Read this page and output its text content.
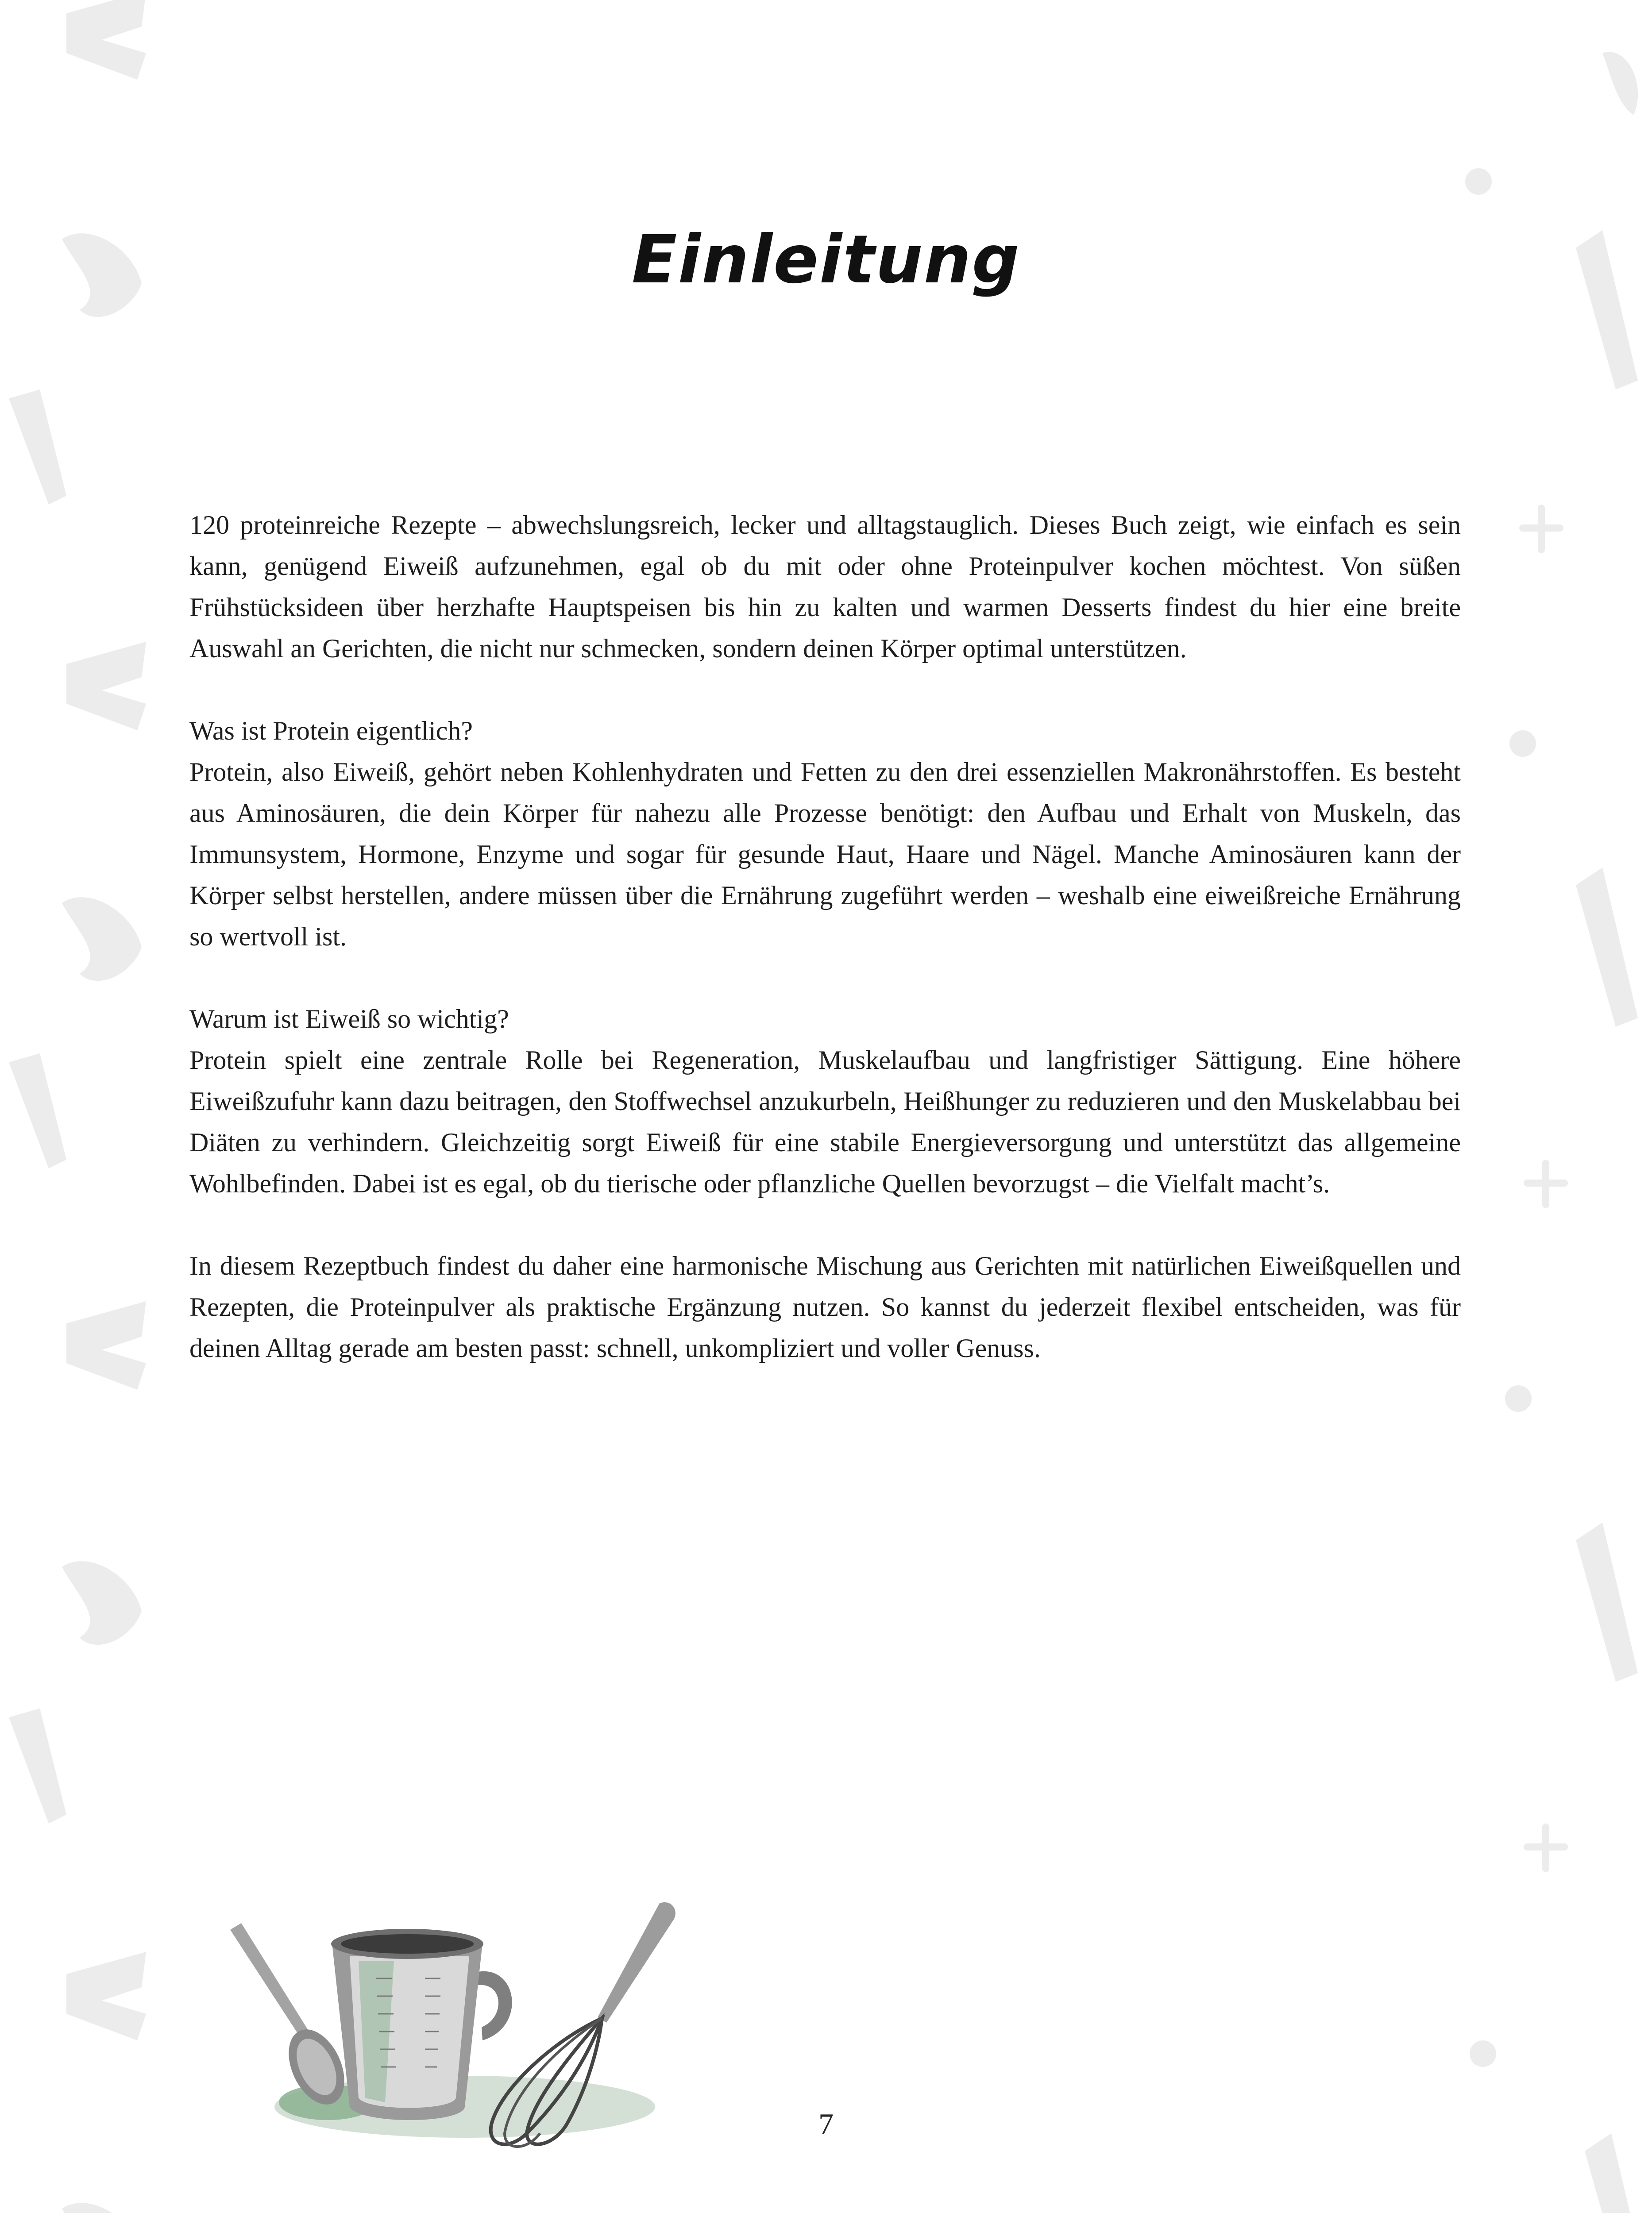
Einleitung

120 proteinreiche Rezepte – abwechslungsreich, lecker und alltagstauglich. Dieses Buch zeigt, wie einfach es sein kann, genügend Eiweiß aufzunehmen, egal ob du mit oder ohne Proteinpulver kochen möchtest. Von süßen Frühstücksideen über herzhafte Hauptspeisen bis hin zu kalten und warmen Desserts findest du hier eine breite Auswahl an Gerichten, die nicht nur schmecken, sondern deinen Körper optimal unterstützen.

Was ist Protein eigentlich?

Protein, also Eiweiß, gehört neben Kohlenhydraten und Fetten zu den drei essenziellen Makronährstoffen. Es besteht aus Aminosäuren, die dein Körper für nahezu alle Prozesse benötigt: den Aufbau und Erhalt von Muskeln, das Immunsystem, Hormone, Enzyme und sogar für gesunde Haut, Haare und Nägel. Manche Aminosäuren kann der Körper selbst herstellen, andere müssen über die Ernährung zugeführt werden – weshalb eine eiweißreiche Ernährung so wertvoll ist.

Warum ist Eiweiß so wichtig?

Protein spielt eine zentrale Rolle bei Regeneration, Muskelaufbau und langfristiger Sättigung. Eine höhere Eiweißzufuhr kann dazu beitragen, den Stoffwechsel anzukurbeln, Heißhunger zu reduzieren und den Muskelabbau bei Diäten zu verhindern. Gleichzeitig sorgt Eiweiß für eine stabile Energieversorgung und unterstützt das allgemeine Wohlbefinden. Dabei ist es egal, ob du tierische oder pflanzliche Quellen bevorzugst – die Vielfalt macht’s.

In diesem Rezeptbuch findest du daher eine harmonische Mischung aus Gerichten mit natürlichen Eiweißquellen und Rezepten, die Proteinpulver als praktische Ergänzung nutzen. So kannst du jederzeit flexibel entscheiden, was für deinen Alltag gerade am besten passt: schnell, unkompliziert und voller Genuss.

7
